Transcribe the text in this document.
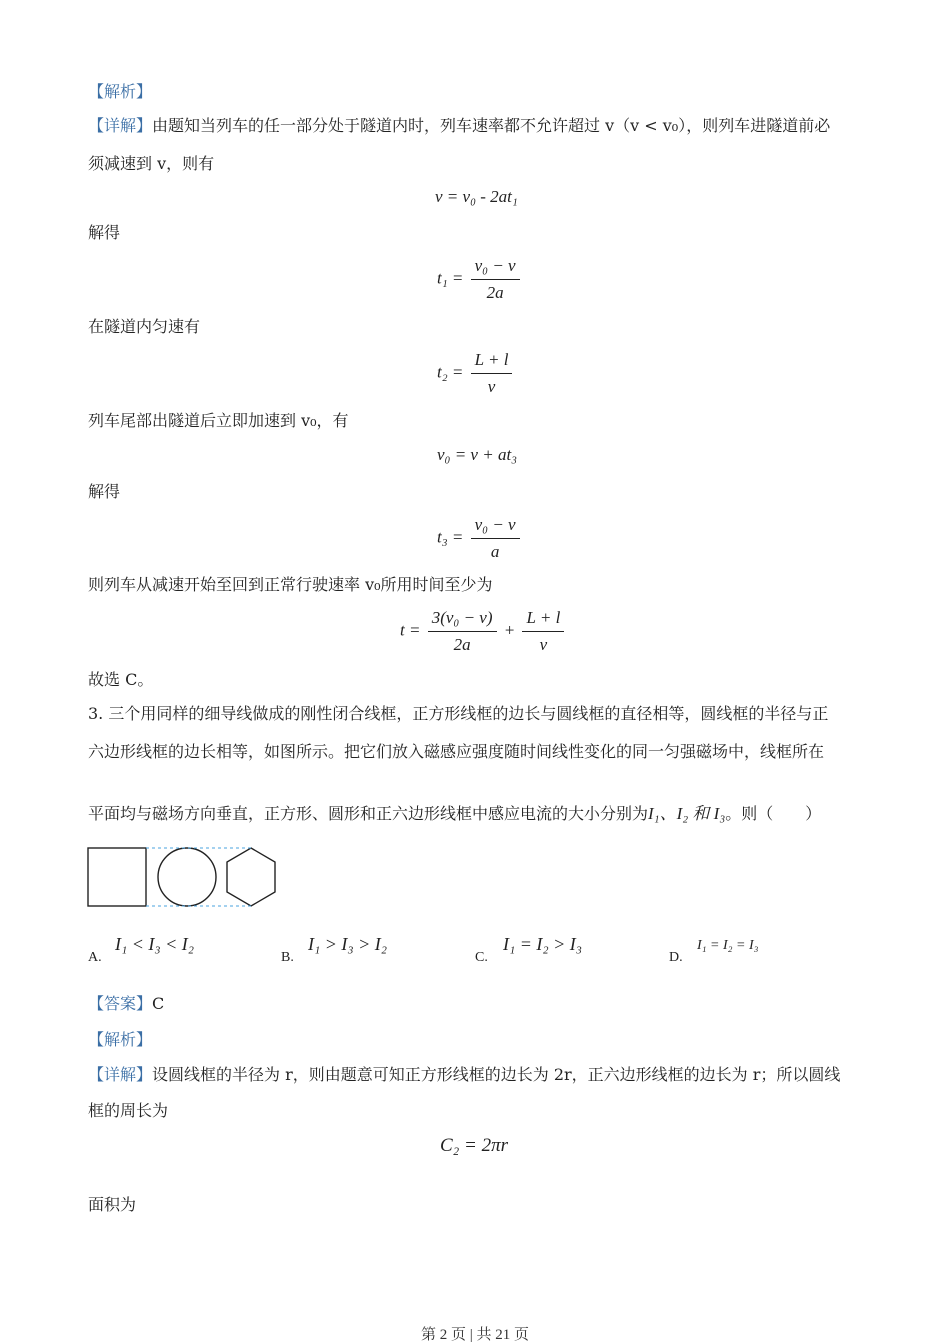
【解析】
【详解】由题知当列车的任一部分处于隧道内时，列车速率都不允许超过 v（v < v₀），则列车进隧道前必
须减速到 v，则有
v = v₀ - 2at₁
解得
$t_1 = \frac{\text{v₀ − v}}{2a}$
在隧道内匀速有
$t_2 = \frac{L + l}{v}$
列车尾部出隧道后立即加速到 v₀，有
v₀ = v + at₃
解得
$t_3 = \frac{\text{v₀ − v}}{a}$
则列车从减速开始至回到正常行驶速率 v₀所用时间至少为
$t = \frac{\text{3(v₀ − v)}}{2a} + \frac{L + l}{v}$
故选 C。
3. 三个用同样的细导线做成的刚性闭合线框，正方形线框的边长与圆线框的直径相等，圆线框的半径与正
六边形线框的边长相等，如图所示。把它们放入磁感应强度随时间线性变化的同一匀强磁场中，线框所在
平面均与磁场方向垂直，正方形、圆形和正六边形线框中感应电流的大小分别为I₁、I₂ 和 I₃。则（　　）
A.
I₁ < I₃ < I₂
B.
I₁ > I₃ > I₂
C.
I₁ = I₂ > I₃
D.
I₁ = I₂ = I₃
【答案】C
【解析】
【详解】设圆线框的半径为 r，则由题意可知正方形线框的边长为 2r，正六边形线框的边长为 r；所以圆线
框的周长为
C₂ = 2πr
面积为
第 2 页 | 共 21 页
